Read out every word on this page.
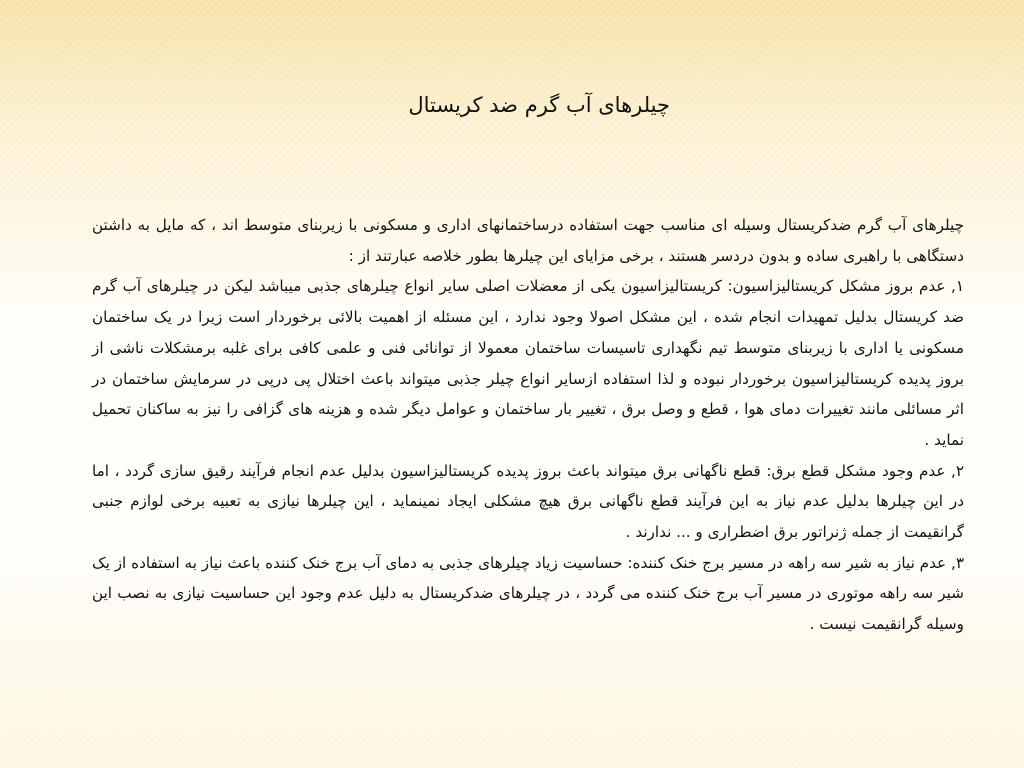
چیلرهای آب گرم ضد کریستال

چیلرهای آب گرم ضدکریستال وسیله ای مناسب جهت استفاده درساختمانهای اداری و مسکونی با زیربنای متوسط اند ، که مایل به داشتن دستگاهی با راهبری ساده و بدون دردسر هستند ، برخی مزایای این چیلرها بطور خلاصه عبارتند از :

۱, عدم بروز مشکل کریستالیزاسیون: کریستالیزاسیون یکی از معضلات اصلی سایر انواع چیلرهای جذبی میباشد لیکن در چیلرهای آب گرم ضد کریستال بدلیل تمهیدات انجام شده ، این مشکل اصولا وجود ندارد ، این مسئله از اهمیت بالائی برخوردار است زیرا در یک ساختمان مسکونی یا اداری با زیربنای متوسط تیم نگهداری تاسیسات ساختمان معمولا از توانائی فنی و علمی کافی برای غلبه برمشکلات ناشی از بروز پدیده کریستالیزاسیون برخوردار نبوده و لذا استفاده ازسایر انواع چیلر جذبی میتواند باعث اختلال پی درپی در سرمایش ساختمان در اثر مسائلی مانند تغییرات دمای هوا ، قطع و وصل برق ، تغییر بار ساختمان و عوامل دیگر شده و هزینه های گزافی را نیز به ساکنان تحمیل نماید .

۲, عدم وجود مشکل قطع برق: قطع ناگهانی برق میتواند باعث بروز پدیده کریستالیزاسیون بدلیل عدم انجام فرآیند رقیق سازی گردد ، اما در این چیلرها بدلیل عدم نیاز به این فرآیند قطع ناگهانی برق هیچ مشکلی ایجاد نمینماید ، این چیلرها نیازی به تعبیه برخی لوازم جنبی گرانقیمت از جمله ژنراتور برق اضطراری و ... ندارند .

۳, عدم نیاز به شیر سه راهه در مسیر برج خنک کننده: حساسیت زیاد چیلرهای جذبی به دمای آب برج خنک کننده باعث نیاز به استفاده از یک شیر سه راهه موتوری در مسیر آب برج خنک کننده می گردد ، در چیلرهای ضدکریستال به دلیل عدم وجود این حساسیت نیازی به نصب این وسیله گرانقیمت نیست .
